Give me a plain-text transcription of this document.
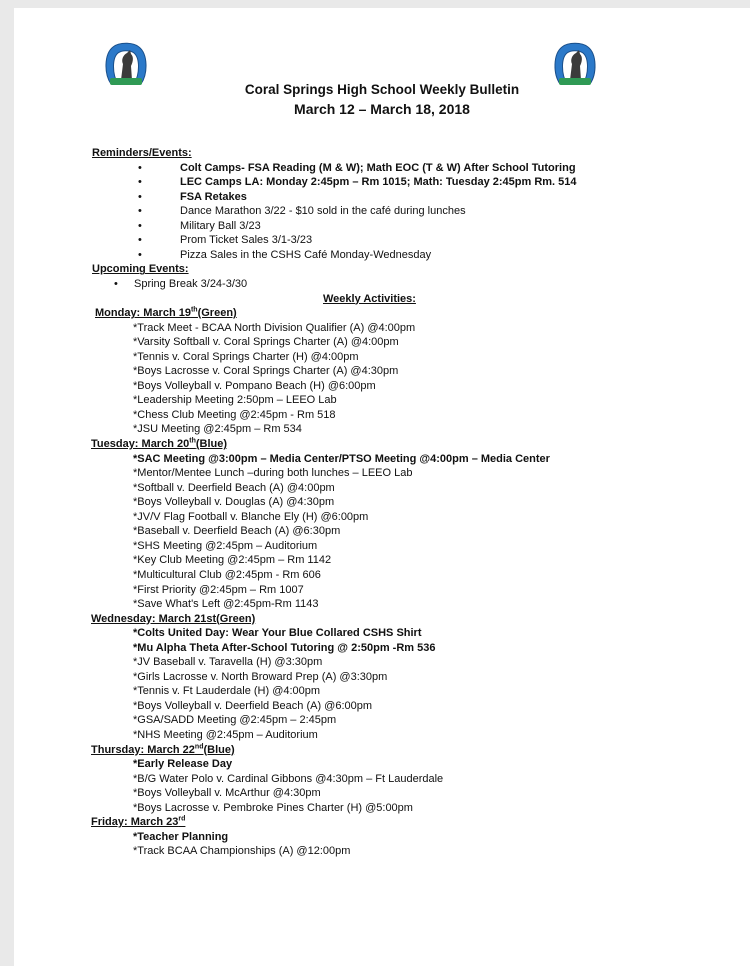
Coral Springs High School Weekly Bulletin
March 12 – March 18, 2018
Reminders/Events:
•	Colt Camps- FSA Reading (M & W); Math EOC (T & W) After School Tutoring
•	LEC Camps LA: Monday 2:45pm – Rm 1015; Math: Tuesday 2:45pm Rm. 514
•	FSA Retakes
•	Dance Marathon 3/22 - $10 sold in the café during lunches
•	Military Ball 3/23
•	Prom Ticket Sales 3/1-3/23
•	Pizza Sales in the CSHS Café Monday-Wednesday
Upcoming Events:
• Spring Break 3/24-3/30
Weekly Activities:
Monday: March 19th(Green)
*Track Meet - BCAA North Division Qualifier (A) @4:00pm
*Varsity Softball v. Coral Springs Charter (A) @4:00pm
*Tennis v. Coral Springs Charter (H) @4:00pm
*Boys Lacrosse v. Coral Springs Charter (A) @4:30pm
*Boys Volleyball v. Pompano Beach (H) @6:00pm
*Leadership Meeting 2:50pm – LEEO Lab
*Chess Club Meeting @2:45pm - Rm 518
*JSU Meeting @2:45pm – Rm 534
Tuesday: March 20th(Blue)
*SAC Meeting @3:00pm – Media Center/PTSO Meeting @4:00pm – Media Center
*Mentor/Mentee Lunch –during both lunches – LEEO Lab
*Softball v. Deerfield Beach (A) @4:00pm
*Boys Volleyball v. Douglas (A) @4:30pm
*JV/V Flag Football v. Blanche Ely (H) @6:00pm
*Baseball v. Deerfield Beach (A) @6:30pm
*SHS Meeting @2:45pm – Auditorium
*Key Club Meeting @2:45pm – Rm 1142
*Multicultural Club @2:45pm - Rm 606
*First Priority @2:45pm – Rm 1007
*Save What's Left @2:45pm-Rm 1143
Wednesday: March 21st(Green)
*Colts United Day: Wear Your Blue Collared CSHS Shirt
*Mu Alpha Theta After-School Tutoring @ 2:50pm -Rm 536
*JV Baseball v. Taravella (H) @3:30pm
*Girls Lacrosse v. North Broward Prep (A) @3:30pm
*Tennis v. Ft Lauderdale (H) @4:00pm
*Boys Volleyball v. Deerfield Beach (A) @6:00pm
*GSA/SADD Meeting @2:45pm – 2:45pm
*NHS Meeting @2:45pm – Auditorium
Thursday: March 22nd(Blue)
*Early Release Day
*B/G Water Polo v. Cardinal Gibbons @4:30pm – Ft Lauderdale
*Boys Volleyball v. McArthur @4:30pm
*Boys Lacrosse v. Pembroke Pines Charter (H) @5:00pm
Friday: March 23rd
*Teacher Planning
*Track BCAA Championships (A) @12:00pm
